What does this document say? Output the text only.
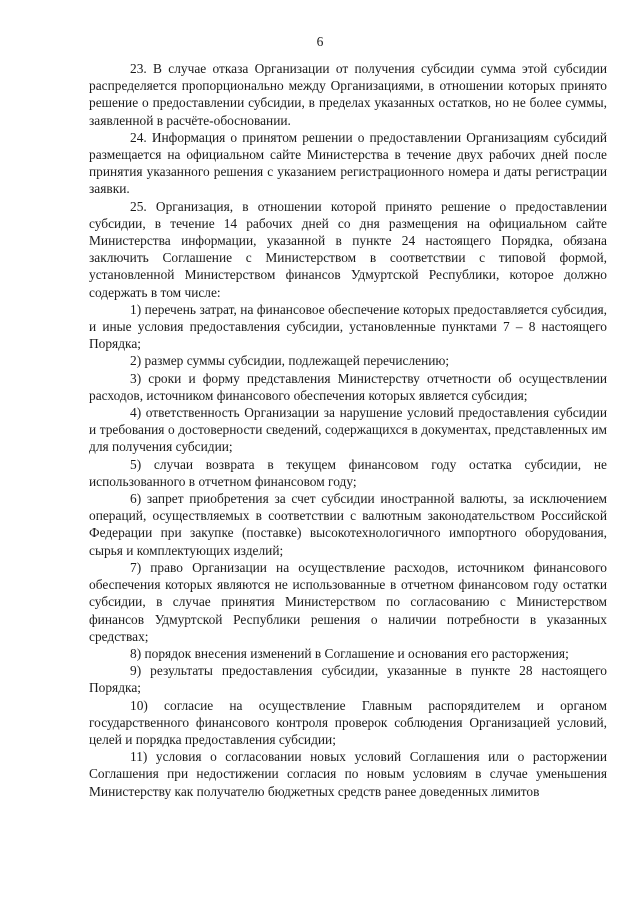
6

23. В случае отказа Организации от получения субсидии сумма этой субсидии распределяется пропорционально между Организациями, в отношении которых принято решение о предоставлении субсидии, в пределах указанных остатков, но не более суммы, заявленной в расчёте-обосновании.

24. Информация о принятом решении о предоставлении Организациям субсидий размещается на официальном сайте Министерства в течение двух рабочих дней после принятия указанного решения с указанием регистрационного номера и даты регистрации заявки.

25. Организация, в отношении которой принято решение о предоставлении субсидии, в течение 14 рабочих дней со дня размещения на официальном сайте Министерства информации, указанной в пункте 24 настоящего Порядка, обязана заключить Соглашение с Министерством в соответствии с типовой формой, установленной Министерством финансов Удмуртской Республики, которое должно содержать в том числе:

1) перечень затрат, на финансовое обеспечение которых предоставляется субсидия, и иные условия предоставления субсидии, установленные пунктами 7 – 8 настоящего Порядка;

2) размер суммы субсидии, подлежащей перечислению;

3) сроки и форму представления Министерству отчетности об осуществлении расходов, источником финансового обеспечения которых является субсидия;

4) ответственность Организации за нарушение условий предоставления субсидии и требования о достоверности сведений, содержащихся в документах, представленных им для получения субсидии;

5) случаи возврата в текущем финансовом году остатка субсидии, не использованного в отчетном финансовом году;

6) запрет приобретения за счет субсидии иностранной валюты, за исключением операций, осуществляемых в соответствии с валютным законодательством Российской Федерации при закупке (поставке) высокотехнологичного импортного оборудования, сырья и комплектующих изделий;

7) право Организации на осуществление расходов, источником финансового обеспечения которых являются не использованные в отчетном финансовом году остатки субсидии, в случае принятия Министерством по согласованию с Министерством финансов Удмуртской Республики решения о наличии потребности в указанных средствах;

8) порядок внесения изменений в Соглашение и основания его расторжения;

9) результаты предоставления субсидии, указанные в пункте 28 настоящего Порядка;

10) согласие на осуществление Главным распорядителем и органом государственного финансового контроля проверок соблюдения Организацией условий, целей и порядка предоставления субсидии;

11) условия о согласовании новых условий Соглашения или о расторжении Соглашения при недостижении согласия по новым условиям в случае уменьшения Министерству как получателю бюджетных средств ранее доведенных лимитов
